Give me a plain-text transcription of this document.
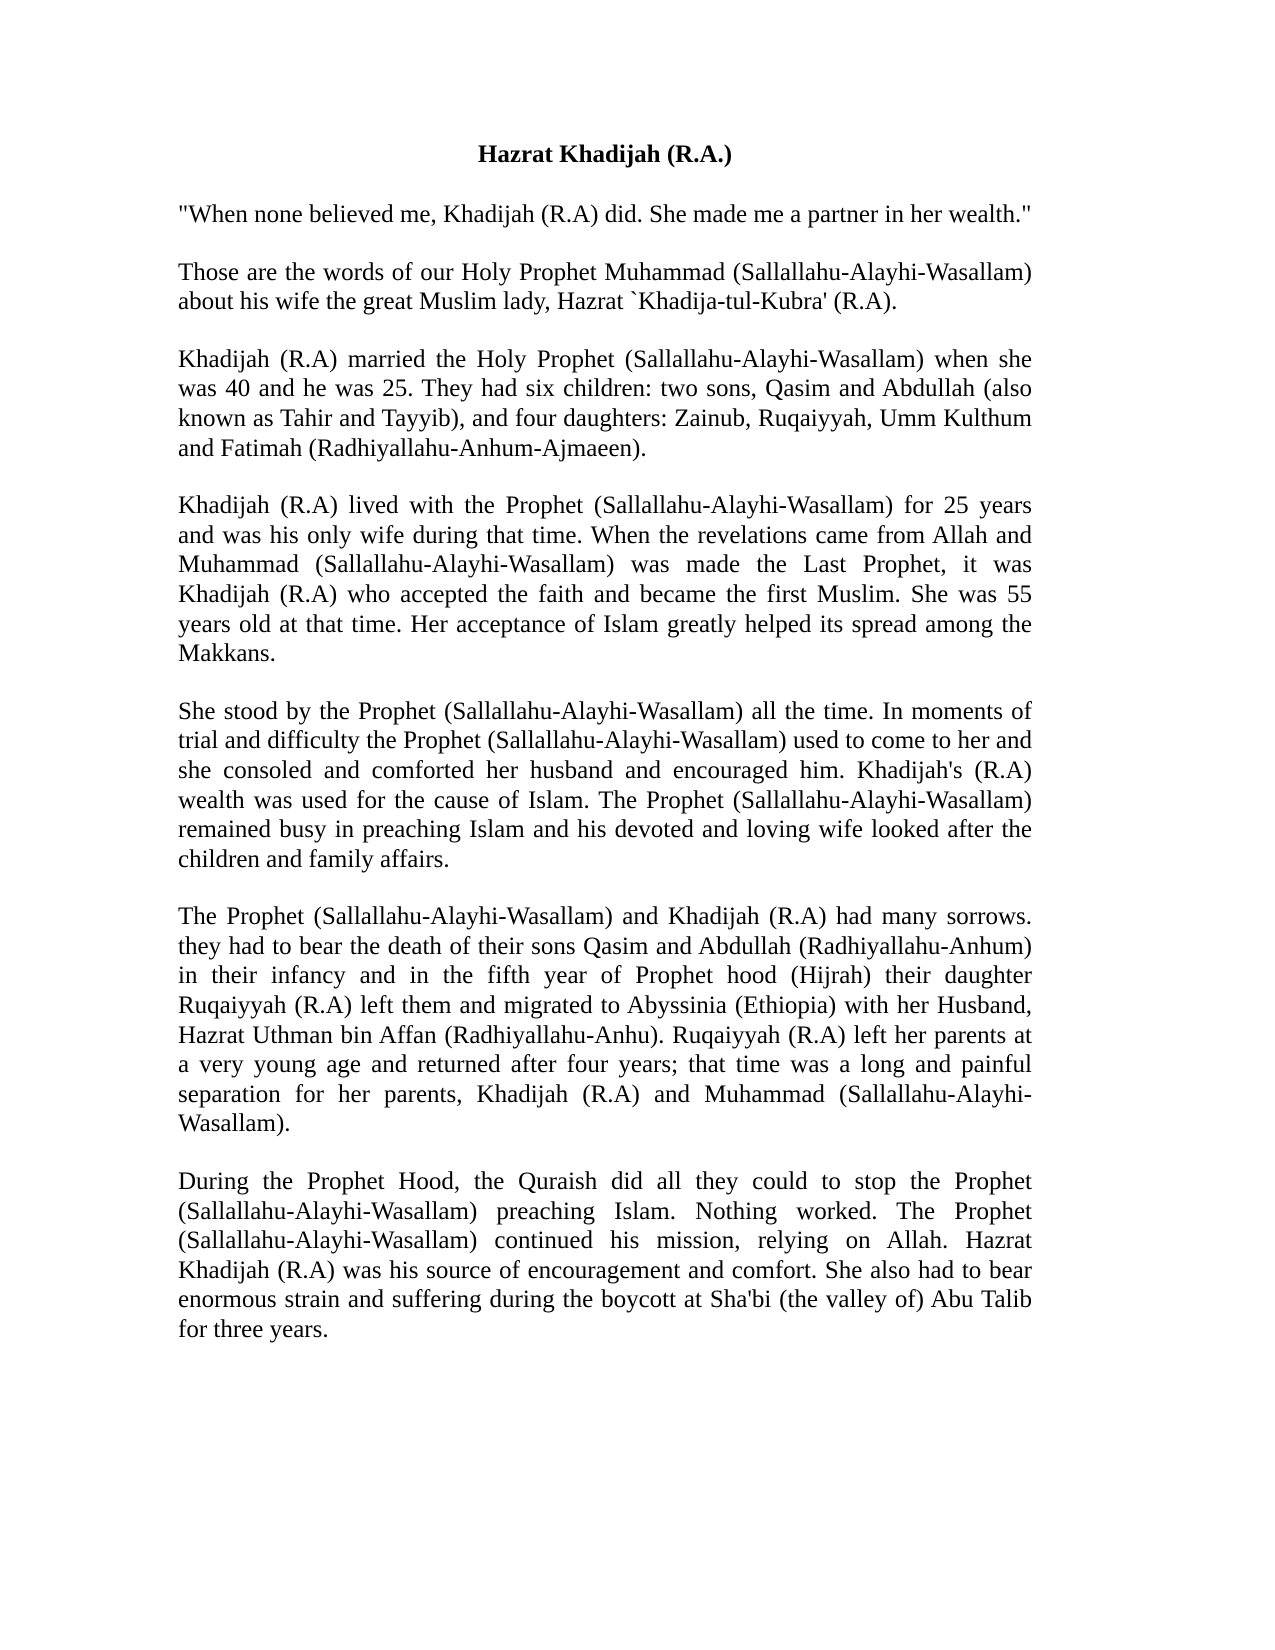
Hazrat Khadijah (R.A.)

"When none believed me, Khadijah (R.A) did. She made me a partner in her wealth."

Those are the words of our Holy Prophet Muhammad (Sallallahu-Alayhi-Wasallam) about his wife the great Muslim lady, Hazrat `Khadija-tul-Kubra' (R.A).

Khadijah (R.A) married the Holy Prophet (Sallallahu-Alayhi-Wasallam) when she was 40 and he was 25. They had six children: two sons, Qasim and Abdullah (also known as Tahir and Tayyib), and four daughters: Zainub, Ruqaiyyah, Umm Kulthum and Fatimah (Radhiyallahu-Anhum-Ajmaeen).

Khadijah (R.A) lived with the Prophet (Sallallahu-Alayhi-Wasallam) for 25 years and was his only wife during that time. When the revelations came from Allah and Muhammad (Sallallahu-Alayhi-Wasallam) was made the Last Prophet, it was Khadijah (R.A) who accepted the faith and became the first Muslim. She was 55 years old at that time. Her acceptance of Islam greatly helped its spread among the Makkans.

She stood by the Prophet (Sallallahu-Alayhi-Wasallam) all the time. In moments of trial and difficulty the Prophet (Sallallahu-Alayhi-Wasallam) used to come to her and she consoled and comforted her husband and encouraged him. Khadijah's (R.A) wealth was used for the cause of Islam. The Prophet (Sallallahu-Alayhi-Wasallam) remained busy in preaching Islam and his devoted and loving wife looked after the children and family affairs.

The Prophet (Sallallahu-Alayhi-Wasallam) and Khadijah (R.A) had many sorrows. they had to bear the death of their sons Qasim and Abdullah (Radhiyallahu-Anhum) in their infancy and in the fifth year of Prophet hood (Hijrah) their daughter Ruqaiyyah (R.A) left them and migrated to Abyssinia (Ethiopia) with her Husband, Hazrat Uthman bin Affan (Radhiyallahu-Anhu). Ruqaiyyah (R.A) left her parents at a very young age and returned after four years; that time was a long and painful separation for her parents, Khadijah (R.A) and Muhammad (Sallallahu-Alayhi-Wasallam).

During the Prophet Hood, the Quraish did all they could to stop the Prophet (Sallallahu-Alayhi-Wasallam) preaching Islam. Nothing worked. The Prophet (Sallallahu-Alayhi-Wasallam) continued his mission, relying on Allah. Hazrat Khadijah (R.A) was his source of encouragement and comfort. She also had to bear enormous strain and suffering during the boycott at Sha'bi (the valley of) Abu Talib for three years.
